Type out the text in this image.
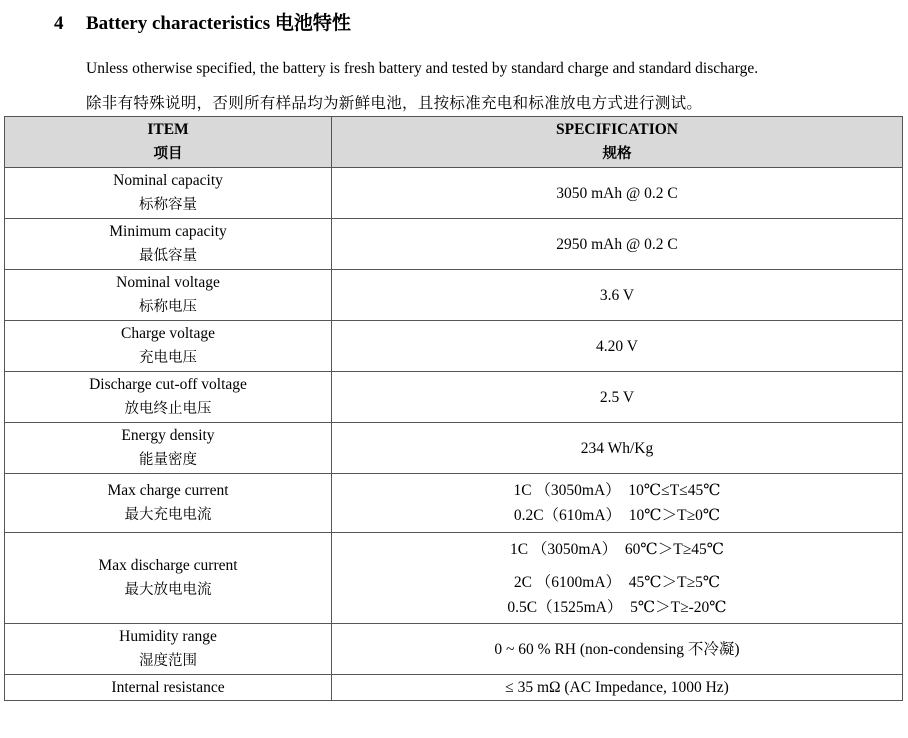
4 Battery characteristics 电池特性
Unless otherwise specified, the battery is fresh battery and tested by standard charge and standard discharge.
除非有特殊说明，否则所有样品均为新鲜电池，且按标准充电和标准放电方式进行测试。
ITEM
项目	SPECIFICATION
规格

Nominal capacity
标称容量	3050 mAh @ 0.2 C

Minimum capacity
最低容量	2950 mAh @ 0.2 C

Nominal voltage
标称电压	3.6 V

Charge voltage
充电电压	4.20 V

Discharge cut-off voltage
放电终止电压	2.5 V

Energy density
能量密度	234 Wh/Kg

Max charge current
最大充电电流	1C （3050mA）  10℃≤T≤45℃
0.2C（610mA）  10℃＞T≥0℃

Max discharge current
最大放电电流	1C （3050mA）  60℃＞T≥45℃
2C （6100mA）  45℃＞T≥5℃
0.5C（1525mA）  5℃＞T≥-20℃

Humidity range
湿度范围	0 ~ 60 % RH (non-condensing 不冷凝)

Internal resistance	≤ 35 mΩ (AC Impedance, 1000 Hz)
